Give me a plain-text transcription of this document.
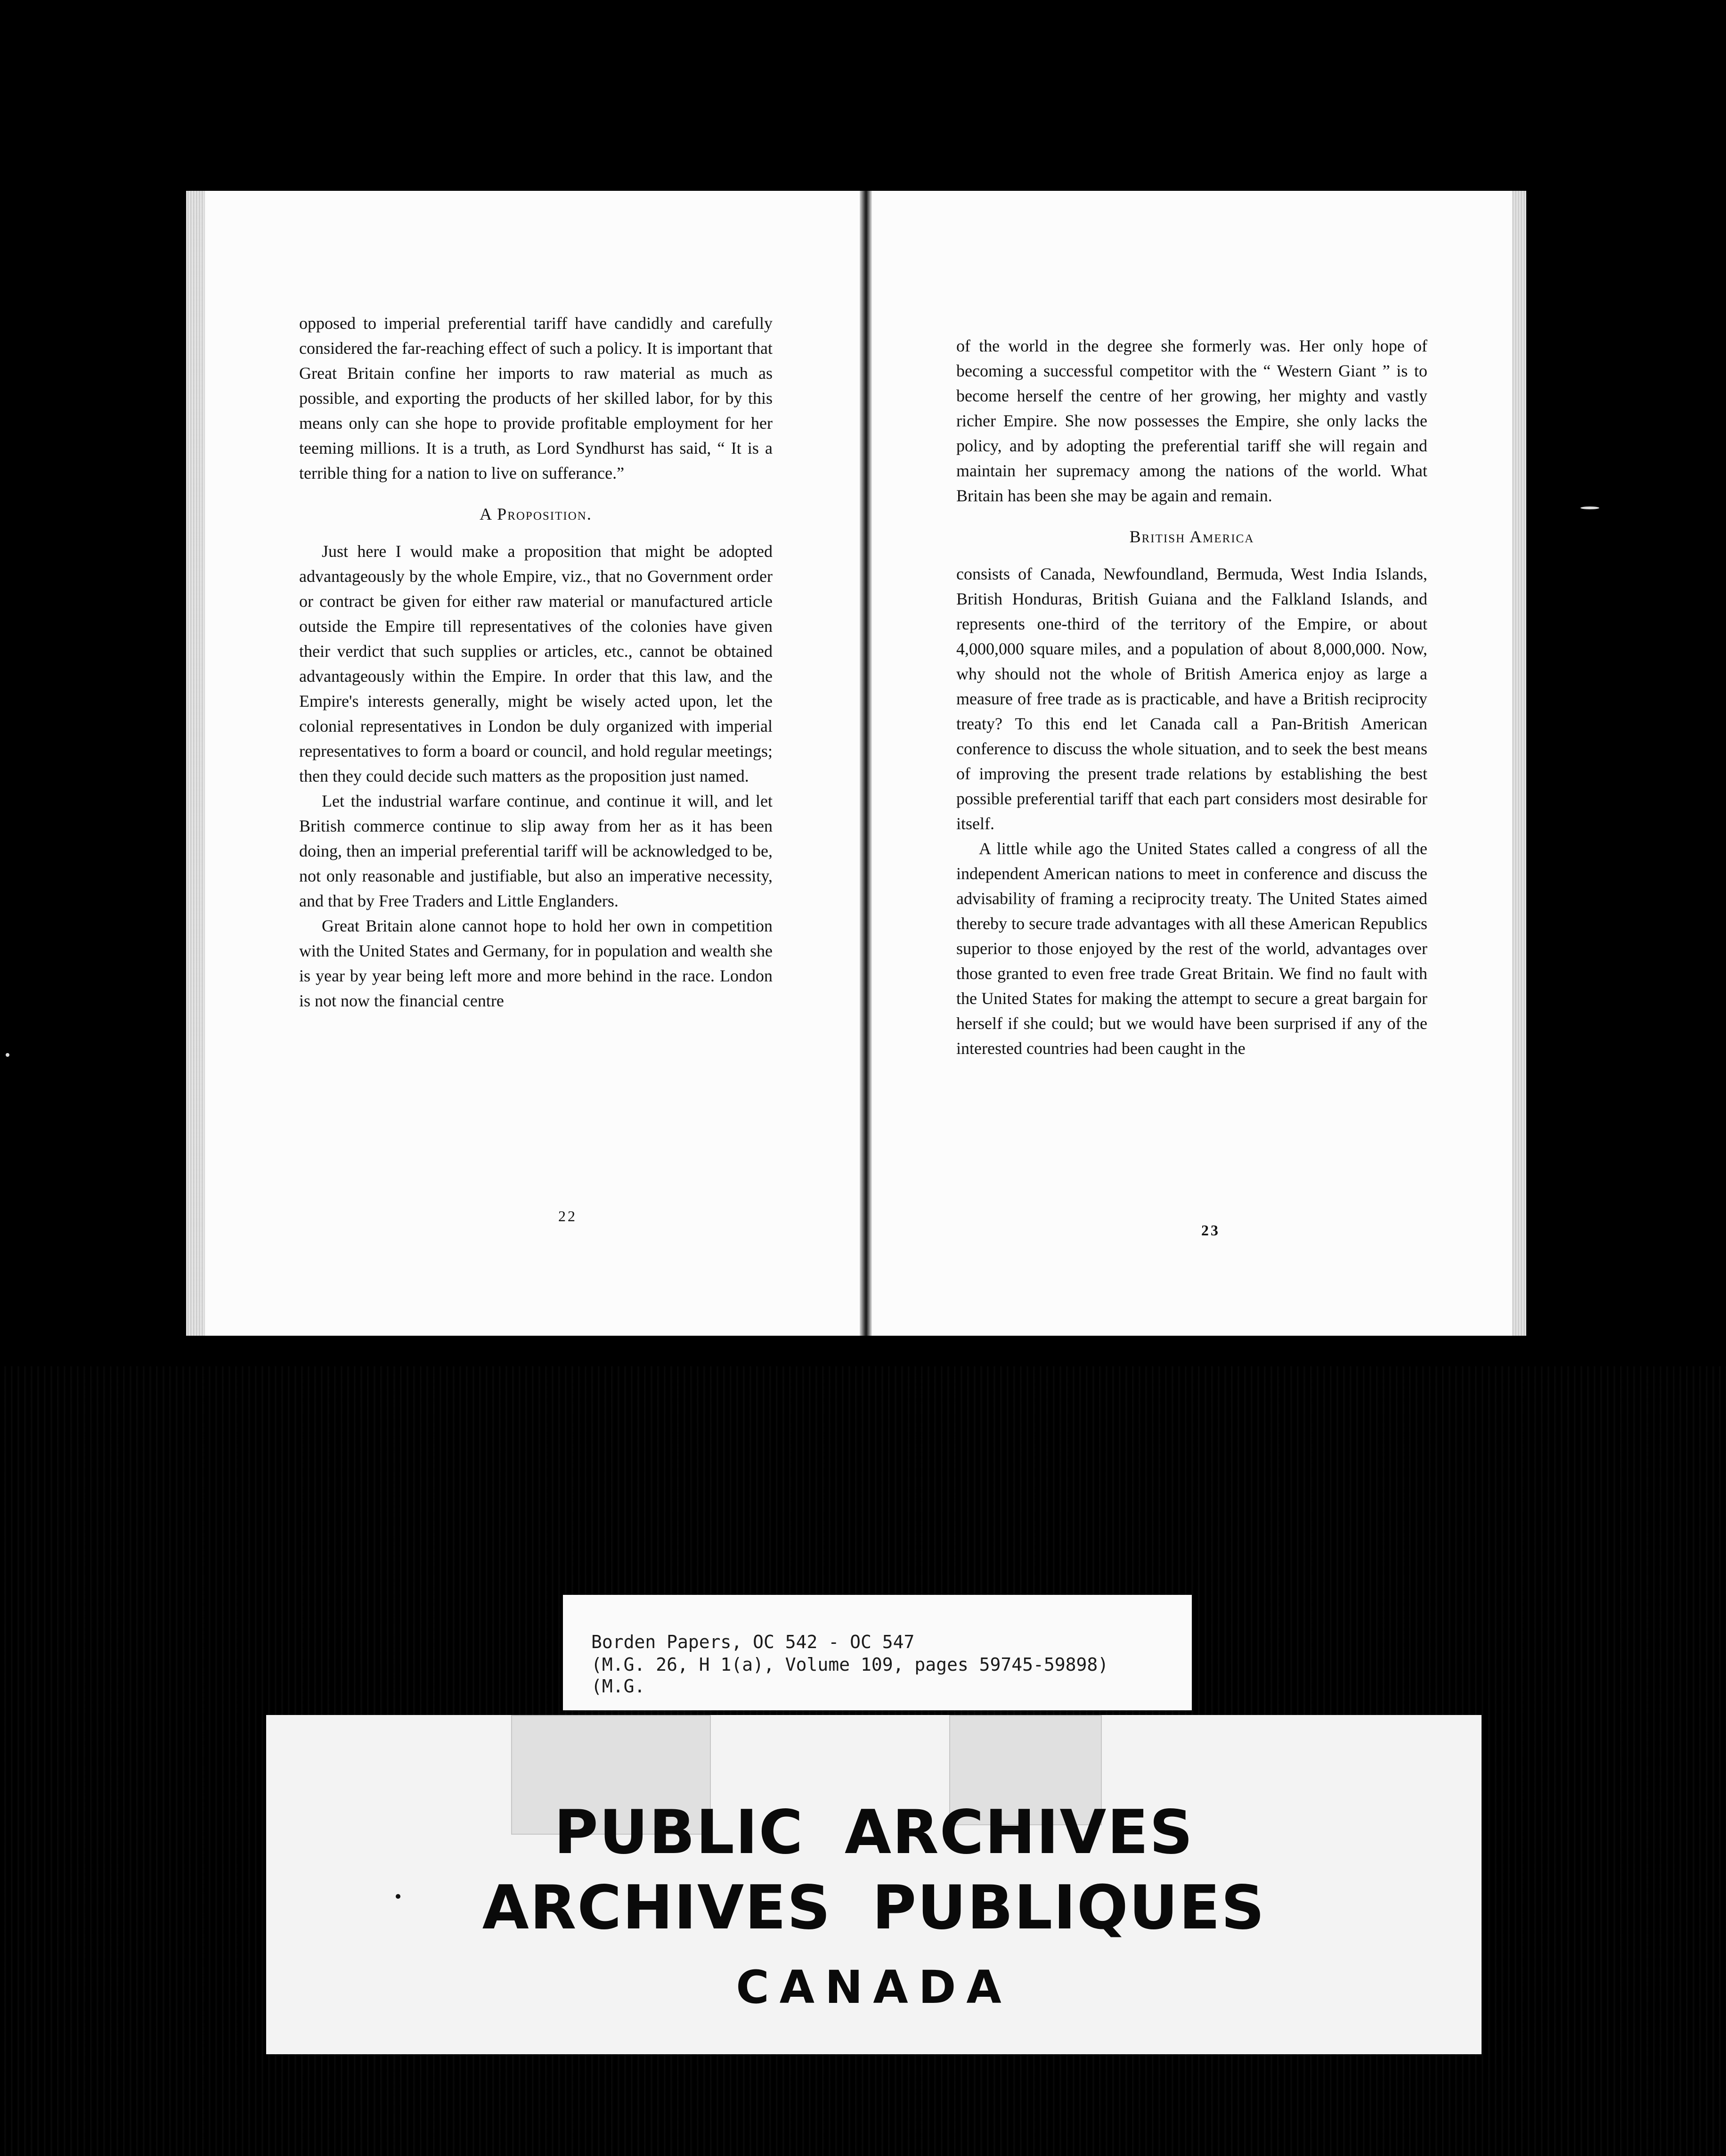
opposed to imperial preferential tariff have candidly and carefully considered the far-reaching effect of such a policy. It is important that Great Britain confine her imports to raw material as much as possible, and exporting the products of her skilled labor, for by this means only can she hope to provide profitable employment for her teeming millions. It is a truth, as Lord Syndhurst has said, “ It is a terrible thing for a nation to live on sufferance.”

A Proposition.

Just here I would make a proposition that might be adopted advantageously by the whole Empire, viz., that no Government order or contract be given for either raw material or manufactured article outside the Empire till representatives of the colonies have given their verdict that such supplies or articles, etc., cannot be obtained advantageously within the Empire. In order that this law, and the Empire's interests generally, might be wisely acted upon, let the colonial representatives in London be duly organized with imperial representatives to form a board or council, and hold regular meetings; then they could decide such matters as the proposition just named.

Let the industrial warfare continue, and continue it will, and let British commerce continue to slip away from her as it has been doing, then an imperial preferential tariff will be acknowledged to be, not only reasonable and justifiable, but also an imperative necessity, and that by Free Traders and Little Englanders.

Great Britain alone cannot hope to hold her own in competition with the United States and Germany, for in population and wealth she is year by year being left more and more behind in the race. London is not now the financial centre

22

of the world in the degree she formerly was. Her only hope of becoming a successful competitor with the “ Western Giant ” is to become herself the centre of her growing, her mighty and vastly richer Empire. She now possesses the Empire, she only lacks the policy, and by adopting the preferential tariff she will regain and maintain her supremacy among the nations of the world. What Britain has been she may be again and remain.

British America

consists of Canada, Newfoundland, Bermuda, West India Islands, British Honduras, British Guiana and the Falkland Islands, and represents one-third of the territory of the Empire, or about 4,000,000 square miles, and a population of about 8,000,000. Now, why should not the whole of British America enjoy as large a measure of free trade as is practicable, and have a British reciprocity treaty? To this end let Canada call a Pan-British American conference to discuss the whole situation, and to seek the best means of improving the present trade relations by establishing the best possible preferential tariff that each part considers most desirable for itself.

A little while ago the United States called a congress of all the independent American nations to meet in conference and discuss the advisability of framing a reciprocity treaty. The United States aimed thereby to secure trade advantages with all these American Republics superior to those enjoyed by the rest of the world, advantages over those granted to even free trade Great Britain. We find no fault with the United States for making the attempt to secure a great bargain for herself if she could; but we would have been surprised if any of the interested countries had been caught in the

23
Borden Papers, OC 542 - OC 547
(M.G. 26, H 1(a), Volume 109, pages 59745-59898)
(M.G.
PUBLIC ARCHIVES
ARCHIVES PUBLIQUES
CANADA
